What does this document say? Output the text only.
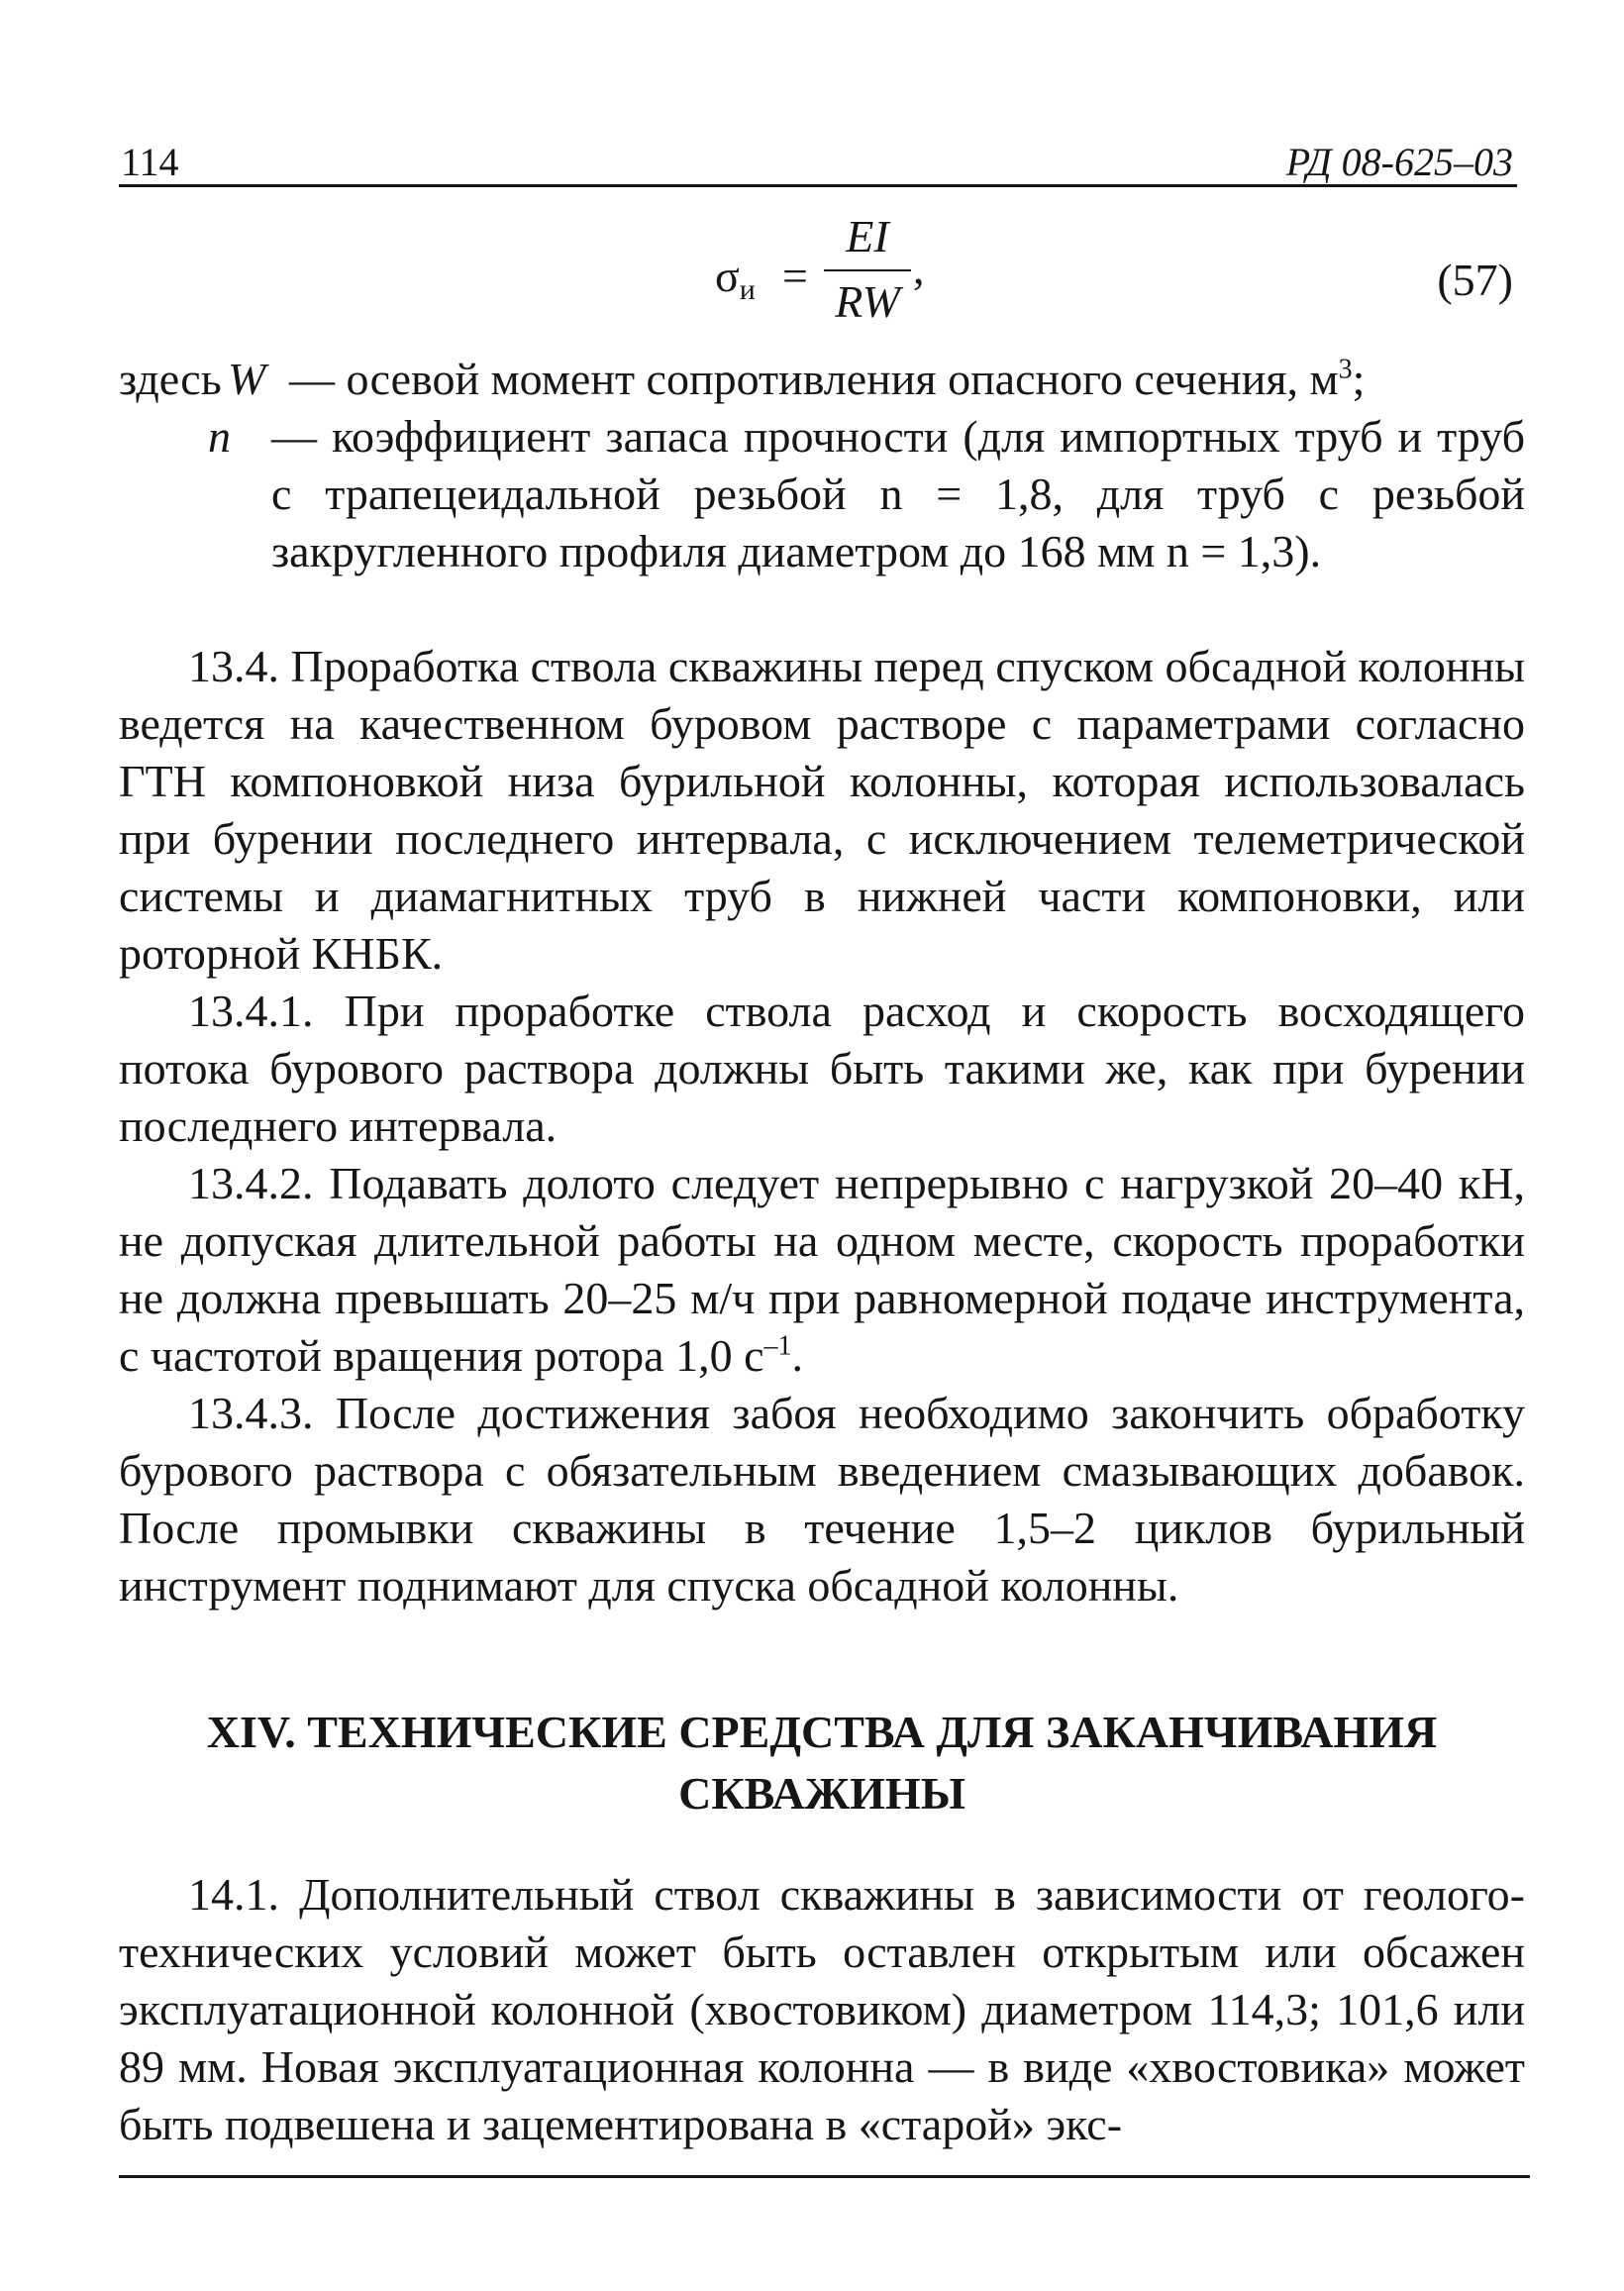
114	РД 08-625–03
σи =
EI
RW
,	(57)
здесь W — осевой момент сопротивления опасного сечения, $м^3$;
n — коэффициент запаса прочности (для импортных труб и труб с трапецеидальной резьбой n = 1,8, для труб с резьбой закругленного профиля диаметром до 168 мм n = 1,3).

13.4. Проработка ствола скважины перед спуском обсадной колонны ведется на качественном буровом растворе с параметрами согласно ГТН компоновкой низа бурильной колонны, которая использовалась при бурении последнего интервала, с исключением телеметрической системы и диамагнитных труб в нижней части компоновки, или роторной КНБК.

13.4.1. При проработке ствола расход и скорость восходящего потока бурового раствора должны быть такими же, как при бурении последнего интервала.

13.4.2. Подавать долото следует непрерывно с нагрузкой 20–40 кН, не допуская длительной работы на одном месте, скорость проработки не должна превышать 20–25 м/ч при равномерной подаче инструмента, с частотой вращения ротора 1,0 $с^{-1}$.

13.4.3. После достижения забоя необходимо закончить обработку бурового раствора с обязательным введением смазывающих добавок. После промывки скважины в течение 1,5–2 циклов бурильный инструмент поднимают для спуска обсадной колонны.

XIV. ТЕХНИЧЕСКИЕ СРЕДСТВА ДЛЯ ЗАКАНЧИВАНИЯ
СКВАЖИНЫ

14.1. Дополнительный ствол скважины в зависимости от геолого-технических условий может быть оставлен открытым или обсажен эксплуатационной колонной (хвостовиком) диаметром 114,3; 101,6 или 89 мм. Новая эксплуатационная колонна — в виде «хвостовика» может быть подвешена и зацементирована в «старой» экс-
